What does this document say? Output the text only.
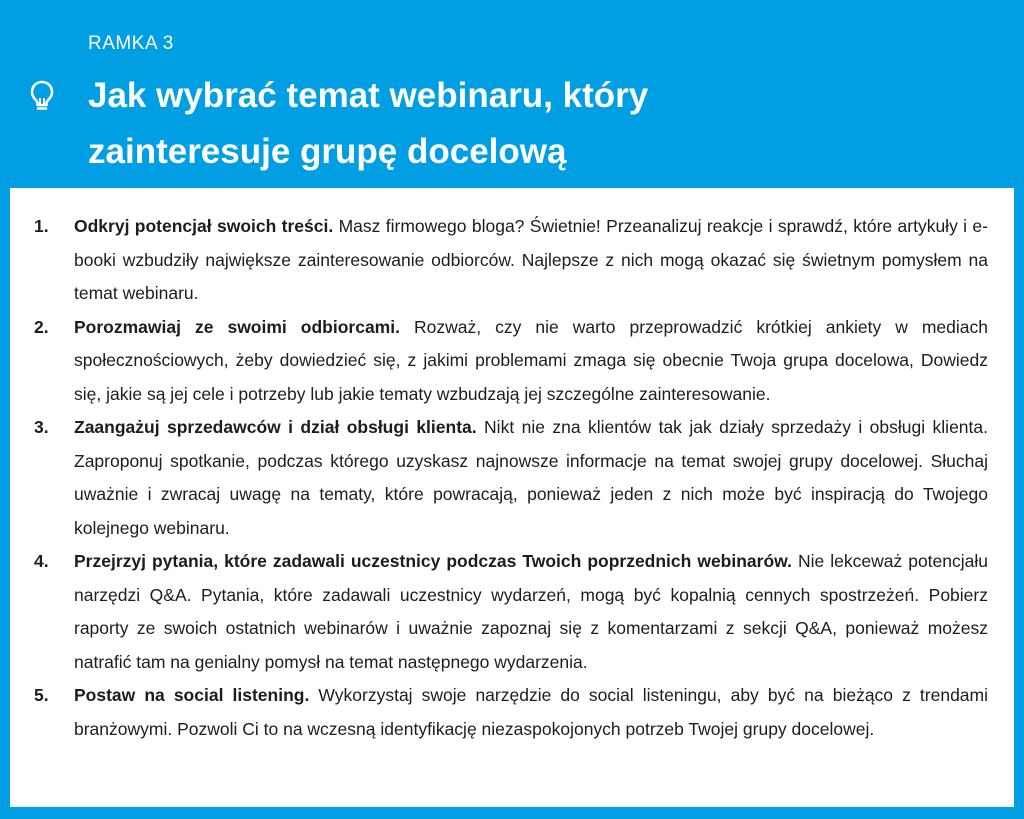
RAMKA 3
Jak wybrać temat webinaru, który zainteresuje grupę docelową
1. Odkryj potencjał swoich treści. Masz firmowego bloga? Świetnie! Przeanalizuj reakcje i sprawdź, które artykuły i e-booki wzbudziły największe zainteresowanie odbiorców. Najlepsze z nich mogą okazać się świetnym pomysłem na temat webinaru.
2. Porozmawiaj ze swoimi odbiorcami. Rozważ, czy nie warto przeprowadzić krótkiej ankiety w mediach społecznościowych, żeby dowiedzieć się, z jakimi problemami zmaga się obecnie Twoja grupa docelowa, Dowiedz się, jakie są jej cele i potrzeby lub jakie tematy wzbudzają jej szczególne zainteresowanie.
3. Zaangażuj sprzedawców i dział obsługi klienta. Nikt nie zna klientów tak jak działy sprzedaży i obsługi klienta. Zaproponuj spotkanie, podczas którego uzyskasz najnowsze informacje na temat swojej grupy docelowej. Słuchaj uważnie i zwracaj uwagę na tematy, które powracają, ponieważ jeden z nich może być inspiracją do Twojego kolejnego webinaru.
4. Przejrzyj pytania, które zadawali uczestnicy podczas Twoich poprzednich webinarów. Nie lekceważ potencjału narzędzi Q&A. Pytania, które zadawali uczestnicy wydarzeń, mogą być kopalnią cennych spostrzeżeń. Pobierz raporty ze swoich ostatnich webinarów i uważnie zapoznaj się z komentarzami z sekcji Q&A, ponieważ możesz natrafić tam na genialny pomysł na temat następnego wydarzenia.
5. Postaw na social listening. Wykorzystaj swoje narzędzie do social listeningu, aby być na bieżąco z trendami branżowymi. Pozwoli Ci to na wczesną identyfikację niezaspokojonych potrzeb Twojej grupy docelowej.
